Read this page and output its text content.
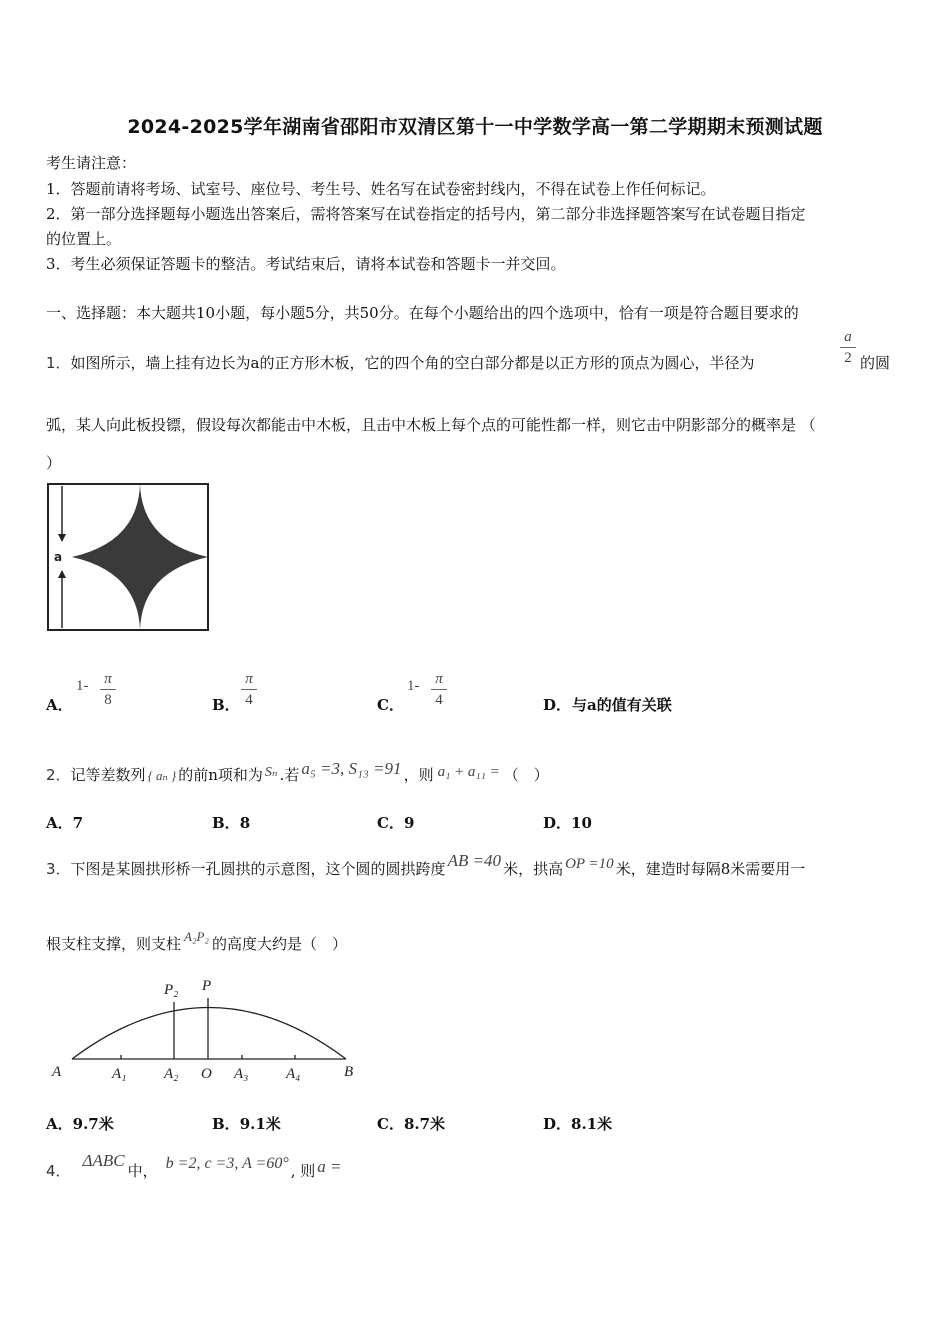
2024-2025学年湖南省邵阳市双清区第十一中学数学高一第二学期期末预测试题
考生请注意：
1．答题前请将考场、试室号、座位号、考生号、姓名写在试卷密封线内，不得在试卷上作任何标记。
2．第一部分选择题每小题选出答案后，需将答案写在试卷指定的括号内，第二部分非选择题答案写在试卷题目指定
的位置上。
3．考生必须保证答题卡的整洁。考试结束后，请将本试卷和答题卡一并交回。
一、选择题：本大题共10小题，每小题5分，共50分。在每个小题给出的四个选项中，恰有一项是符合题目要求的
1．如图所示，墙上挂有边长为a的正方形木板，它的四个角的空白部分都是以正方形的顶点为圆心，半径为
a
2 的圆
弧，某人向此板投镖，假设每次都能击中木板，且击中木板上每个点的可能性都一样，则它击中阴影部分的概率是 （
）
a
A．
1- π
8	B．
π
4	C．
1- π
4	D． 与a的值有关联
2．记等差数列 { aₙ } 的前n项和为 Sₙ .若 a₅ =3, S₁₃ =91 ，则 a₁ + a₁₁ = （　）
A．7	B．8	C．9	D．10
3．下图是某圆拱形桥一孔圆拱的示意图，这个圆的圆拱跨度 AB =40 米，拱高 OP =10 米，建造时每隔8米需要用一
根支柱支撑，则支柱 A₂P₂ 的高度大约是（　）
P₂ P
A	A₁	A₂ O A₃	A₄	B
A．9.7米	B．9.1米	C．8.7米	D．8.1米
4．ΔABC中， b =2, c =3, A =60° , 则 a =
